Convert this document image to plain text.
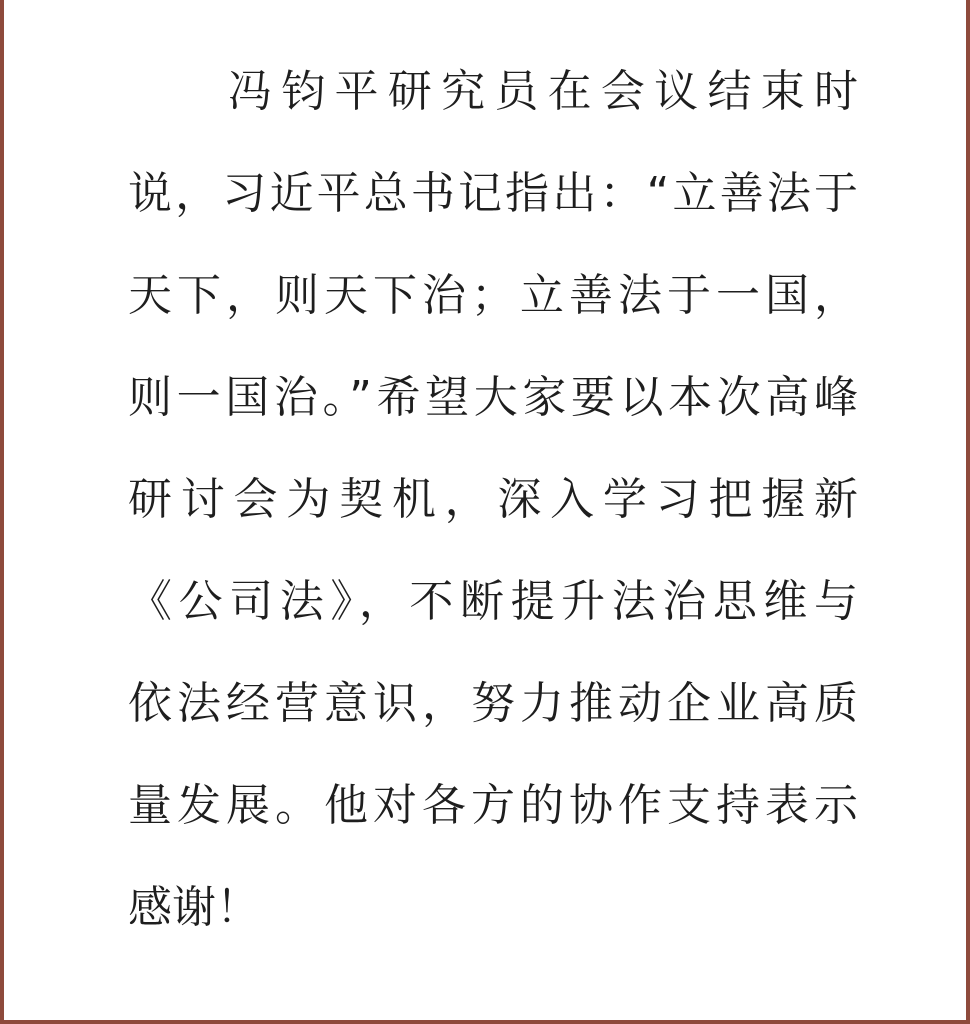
冯钧平研究员在会议结束时
说，习近平总书记指出：“立善法于
天下，则天下治；立善法于一国，
则一国治。”希望大家要以本次高峰
研讨会为契机，深入学习把握新
《公司法》，不断提升法治思维与
依法经营意识，努力推动企业高质
量发展。他对各方的协作支持表示
感谢！
